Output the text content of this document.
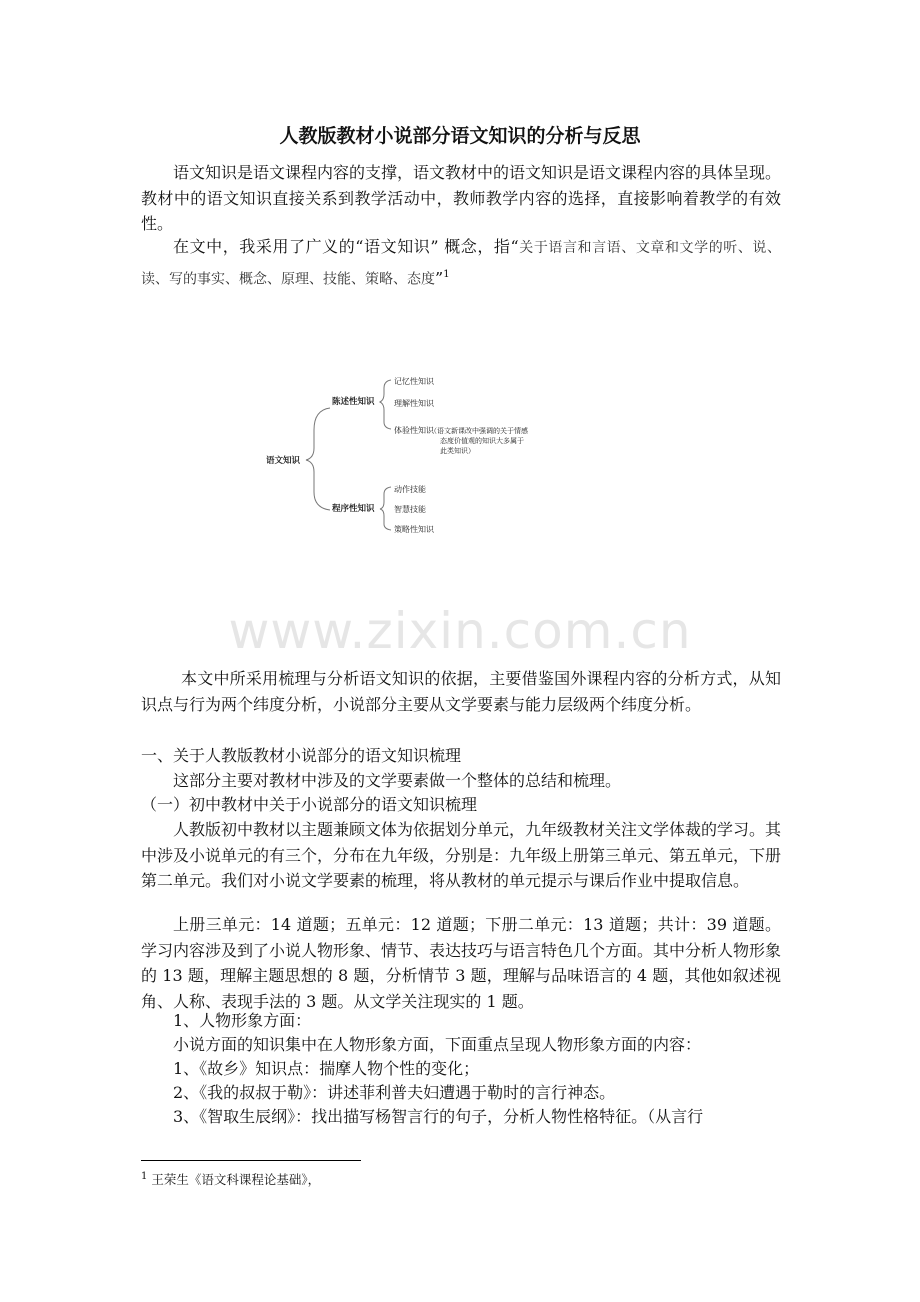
人教版教材小说部分语文知识的分析与反思
语文知识是语文课程内容的支撑，语文教材中的语文知识是语文课程内容的具体呈现。教材中的语文知识直接关系到教学活动中，教师教学内容的选择，直接影响着教学的有效性。
在文中，我采用了广义的“语文知识” 概念，指“关于语言和言语、文章和文学的听、说、读、写的事实、概念、原理、技能、策略、态度”$^1$
语文知识
陈述性知识
程序性知识
记忆性知识
理解性知识
体验性知识
（语文新课改中强调的关于情感
态度价值观的知识大多属于
此类知识）
动作技能
智慧技能
策略性知识
www.zixin.com.cn
本文中所采用梳理与分析语文知识的依据，主要借鉴国外课程内容的分析方式，从知识点与行为两个纬度分析，小说部分主要从文学要素与能力层级两个纬度分析。
一、关于人教版教材小说部分的语文知识梳理
这部分主要对教材中涉及的文学要素做一个整体的总结和梳理。
（一）初中教材中关于小说部分的语文知识梳理
人教版初中教材以主题兼顾文体为依据划分单元，九年级教材关注文学体裁的学习。其中涉及小说单元的有三个，分布在九年级，分别是：九年级上册第三单元、第五单元，下册第二单元。我们对小说文学要素的梳理，将从教材的单元提示与课后作业中提取信息。
上册三单元：14 道题；五单元：12 道题；下册二单元：13 道题；共计：39 道题。学习内容涉及到了小说人物形象、情节、表达技巧与语言特色几个方面。其中分析人物形象的 13 题，理解主题思想的 8 题，分析情节 3 题，理解与品味语言的 4 题，其他如叙述视角、人称、表现手法的 3 题。从文学关注现实的 1 题。
1、人物形象方面：
小说方面的知识集中在人物形象方面，下面重点呈现人物形象方面的内容：
1、《故乡》知识点：揣摩人物个性的变化；
2、《我的叔叔于勒》：讲述菲利普夫妇遭遇于勒时的言行神态。
3、《智取生辰纲》：找出描写杨智言行的句子，分析人物性格特征。（从言行
$^1$ 王荣生《语文科课程论基础》，
